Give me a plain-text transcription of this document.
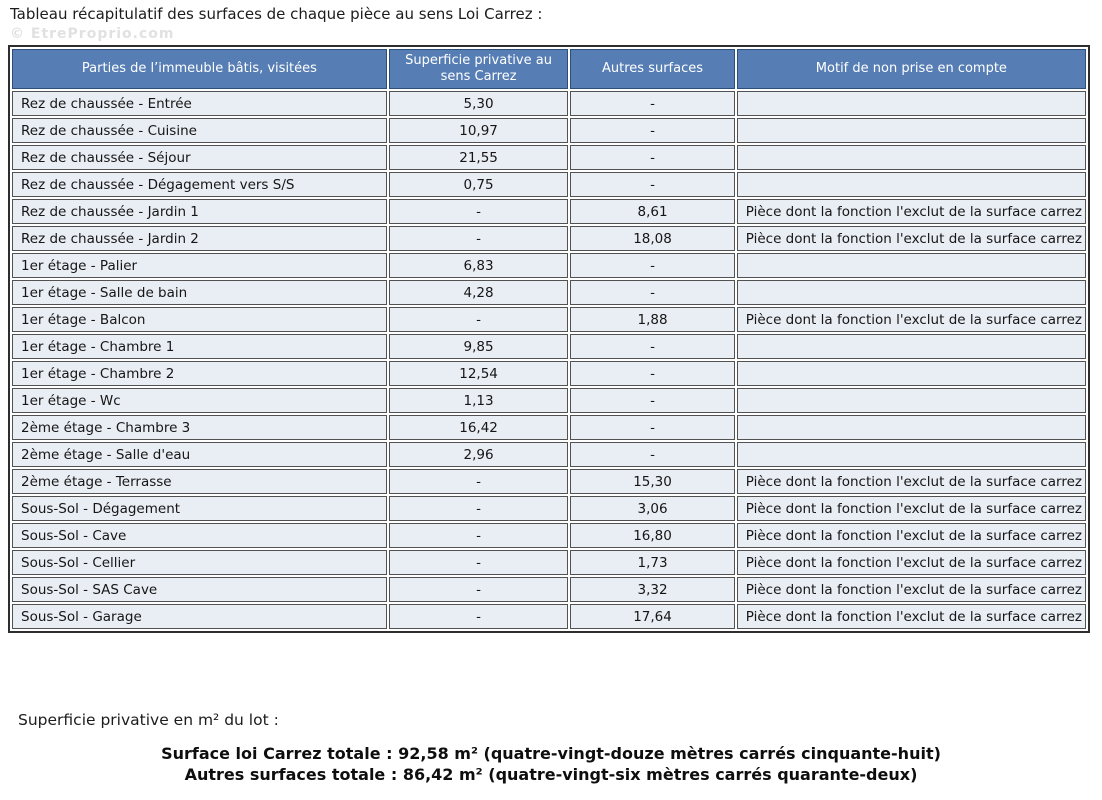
Tableau récapitulatif des surfaces de chaque pièce au sens Loi Carrez :
© EtreProprio.com
Parties de l’immeuble bâtis, visitées	Superficie privative au sens Carrez	Autres surfaces	Motif de non prise en compte
Rez de chaussée - Entrée	5,30	-	
Rez de chaussée - Cuisine	10,97	-	
Rez de chaussée - Séjour	21,55	-	
Rez de chaussée - Dégagement vers S/S	0,75	-	
Rez de chaussée - Jardin 1	-	8,61	Pièce dont la fonction l'exclut de la surface carrez
Rez de chaussée - Jardin 2	-	18,08	Pièce dont la fonction l'exclut de la surface carrez
1er étage - Palier	6,83	-	
1er étage - Salle de bain	4,28	-	
1er étage - Balcon	-	1,88	Pièce dont la fonction l'exclut de la surface carrez
1er étage - Chambre 1	9,85	-	
1er étage - Chambre 2	12,54	-	
1er étage - Wc	1,13	-	
2ème étage - Chambre 3	16,42	-	
2ème étage - Salle d'eau	2,96	-	
2ème étage - Terrasse	-	15,30	Pièce dont la fonction l'exclut de la surface carrez
Sous-Sol - Dégagement	-	3,06	Pièce dont la fonction l'exclut de la surface carrez
Sous-Sol - Cave	-	16,80	Pièce dont la fonction l'exclut de la surface carrez
Sous-Sol - Cellier	-	1,73	Pièce dont la fonction l'exclut de la surface carrez
Sous-Sol - SAS Cave	-	3,32	Pièce dont la fonction l'exclut de la surface carrez
Sous-Sol - Garage	-	17,64	Pièce dont la fonction l'exclut de la surface carrez
Superficie privative en m² du lot :
Surface loi Carrez totale : 92,58 m² (quatre-vingt-douze mètres carrés cinquante-huit)
Autres surfaces totale : 86,42 m² (quatre-vingt-six mètres carrés quarante-deux)
